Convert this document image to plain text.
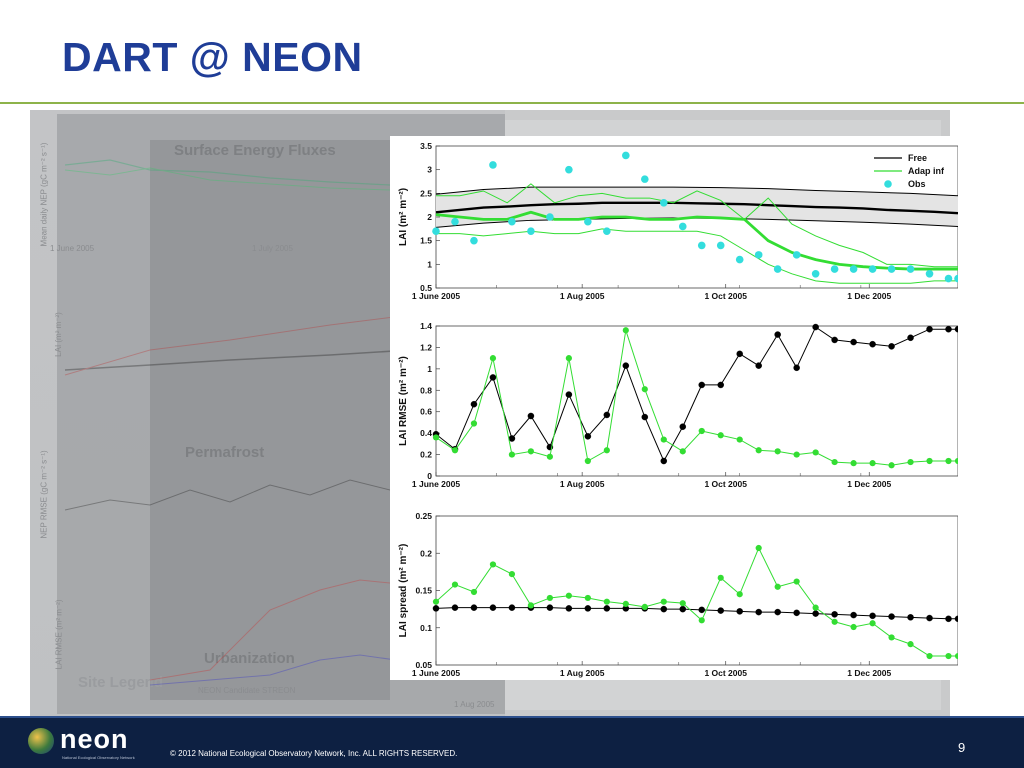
DART @ NEON
Surface Energy Fluxes
Permafrost
Urbanization
Site Legend
1 June 2005	1 July 2005
1 Aug 2005
Mean daily NEP (gC m⁻² s⁻¹)
LAI (m² m⁻²)
NEP RMSE (gC m⁻² s⁻¹)
LAI RMSE (m² m⁻²)
NEON Candidate STREON
0.5
1
1.5
2
2.5
3
3.5
1 June 2005	1 Aug 2005	1 Oct 2005	1 Dec 2005
LAI (m² m⁻²)
Free
Adap inf
Obs
0
0.2
0.4
0.6
0.8
1
1.2
1.4
1 June 2005	1 Aug 2005	1 Oct 2005	1 Dec 2005
LAI RMSE (m² m⁻²)
0.05
0.1
0.15
0.2
0.25
1 June 2005	1 Aug 2005	1 Oct 2005	1 Dec 2005
LAI spread (m² m⁻²)
neon
National Ecological Observatory Network	© 2012 National Ecological Observatory Network, Inc. ALL RIGHTS RESERVED.	9
